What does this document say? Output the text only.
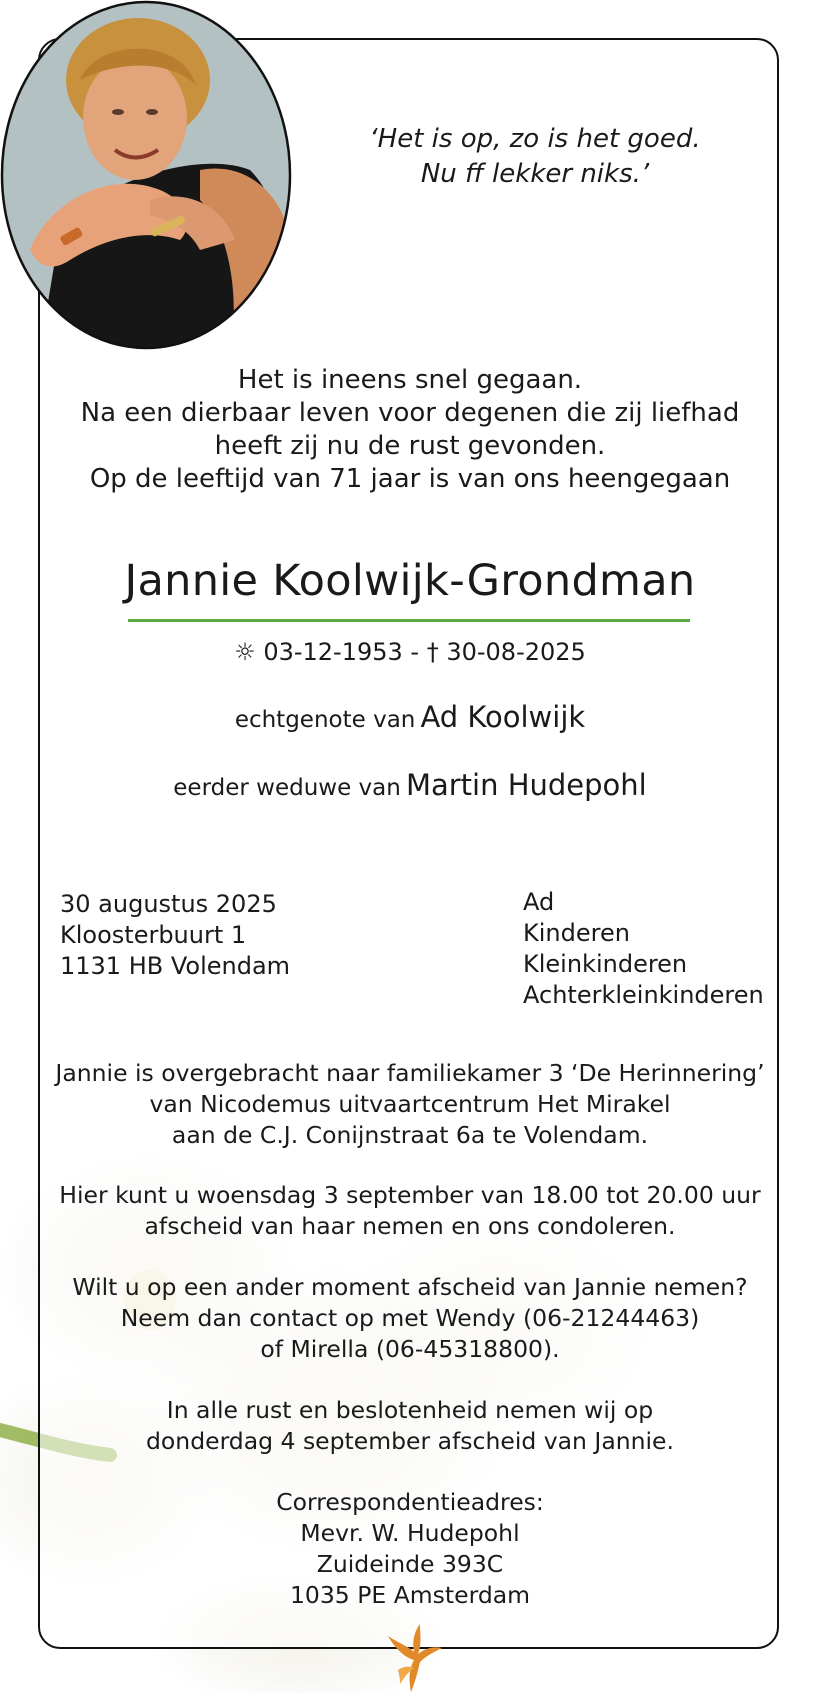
‘Het is op, zo is het goed.
Nu ff lekker niks.’
Het is ineens snel gegaan.
Na een dierbaar leven voor degenen die zij liefhad
heeft zij nu de rust gevonden.
Op de leeftijd van 71 jaar is van ons heengegaan
Jannie Koolwijk-Grondman
☼ 03-12-1953 - † 30-08-2025
echtgenote van Ad Koolwijk
eerder weduwe van Martin Hudepohl
30 augustus 2025
Kloosterbuurt 1
1131 HB Volendam
Ad
Kinderen
Kleinkinderen
Achterkleinkinderen
Jannie is overgebracht naar familiekamer 3 ‘De Herinnering’
van Nicodemus uitvaartcentrum Het Mirakel
aan de C.J. Conijnstraat 6a te Volendam.
Hier kunt u woensdag 3 september van 18.00 tot 20.00 uur
afscheid van haar nemen en ons condoleren.
Wilt u op een ander moment afscheid van Jannie nemen?
Neem dan contact op met Wendy (06-21244463)
of Mirella (06-45318800).
In alle rust en beslotenheid nemen wij op
donderdag 4 september afscheid van Jannie.
Correspondentieadres:
Mevr. W. Hudepohl
Zuideinde 393C
1035 PE Amsterdam
